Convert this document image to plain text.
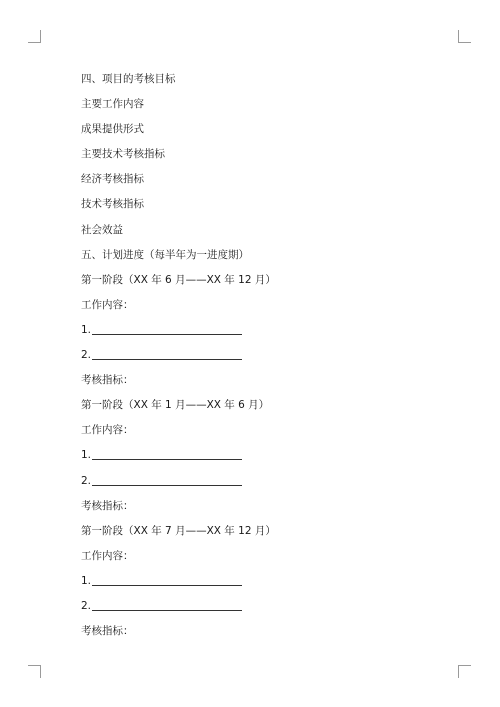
四、项目的考核目标
主要工作内容
成果提供形式
主要技术考核指标
经济考核指标
技术考核指标
社会效益
五、计划进度（每半年为一进度期）
第一阶段（XX 年 6 月——XX 年 12 月）
工作内容：
1.
2.
考核指标：
第一阶段（XX 年 1 月——XX 年 6 月）
工作内容：
1.
2.
考核指标：
第一阶段（XX 年 7 月——XX 年 12 月）
工作内容：
1.
2.
考核指标：
